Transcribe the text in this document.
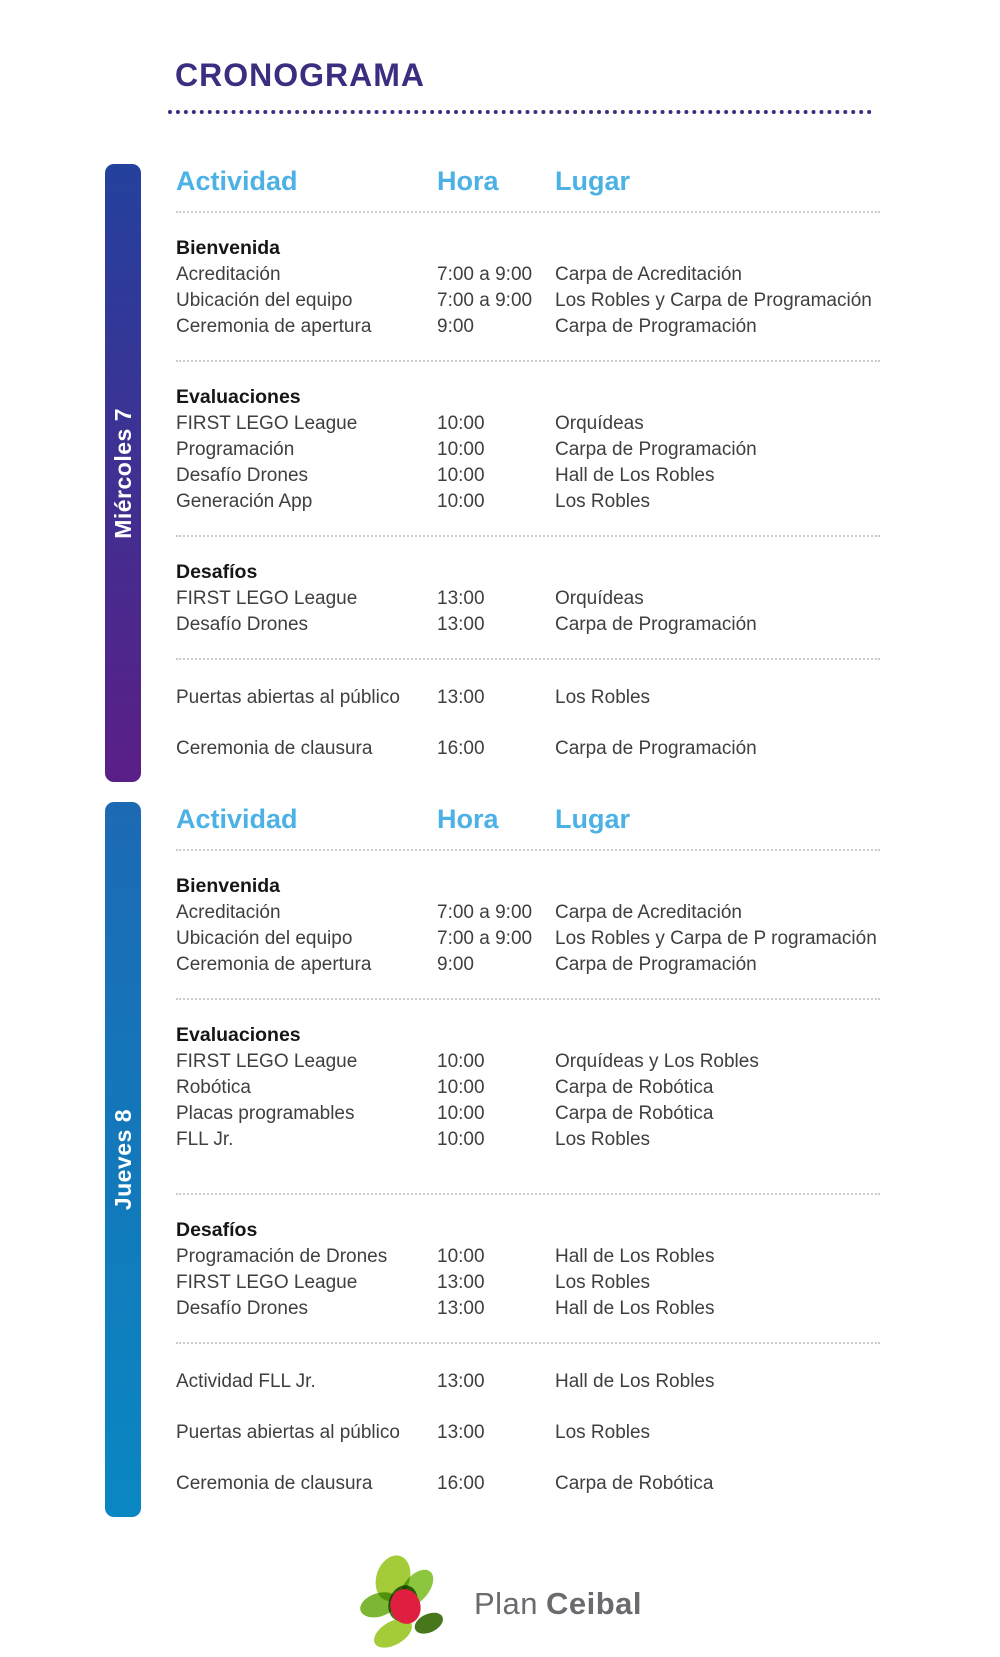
CRONOGRAMA
Miércoles 7
Actividad	Hora	Lugar
Bienvenida
Acreditación	7:00 a 9:00	Carpa de Acreditación
Ubicación del equipo	7:00 a 9:00	Los Robles y Carpa de Programación
Ceremonia de apertura	9:00	Carpa de Programación
Evaluaciones
FIRST LEGO League	10:00	Orquídeas
Programación	10:00	Carpa de Programación
Desafío Drones	10:00	Hall de Los Robles
Generación App	10:00	Los Robles
Desafíos
FIRST LEGO League	13:00	Orquídeas
Desafío Drones	13:00	Carpa de Programación
Puertas abiertas al público	13:00	Los Robles
Ceremonia de clausura	16:00	Carpa de Programación
Jueves 8
Actividad	Hora	Lugar
Bienvenida
Acreditación	7:00 a 9:00	Carpa de Acreditación
Ubicación del equipo	7:00 a 9:00	Los Robles y Carpa de P rogramación
Ceremonia de apertura	9:00	Carpa de Programación
Evaluaciones
FIRST LEGO League	10:00	Orquídeas y Los Robles
Robótica	10:00	Carpa de Robótica
Placas programables	10:00	Carpa de Robótica
FLL Jr.	10:00	Los Robles
Desafíos
Programación de Drones	10:00	Hall de Los Robles
FIRST LEGO League	13:00	Los Robles
Desafío Drones	13:00	Hall de Los Robles
Actividad FLL Jr.	13:00	Hall de Los Robles
Puertas abiertas al público	13:00	Los Robles
Ceremonia de clausura	16:00	Carpa de Robótica
Plan Ceibal
